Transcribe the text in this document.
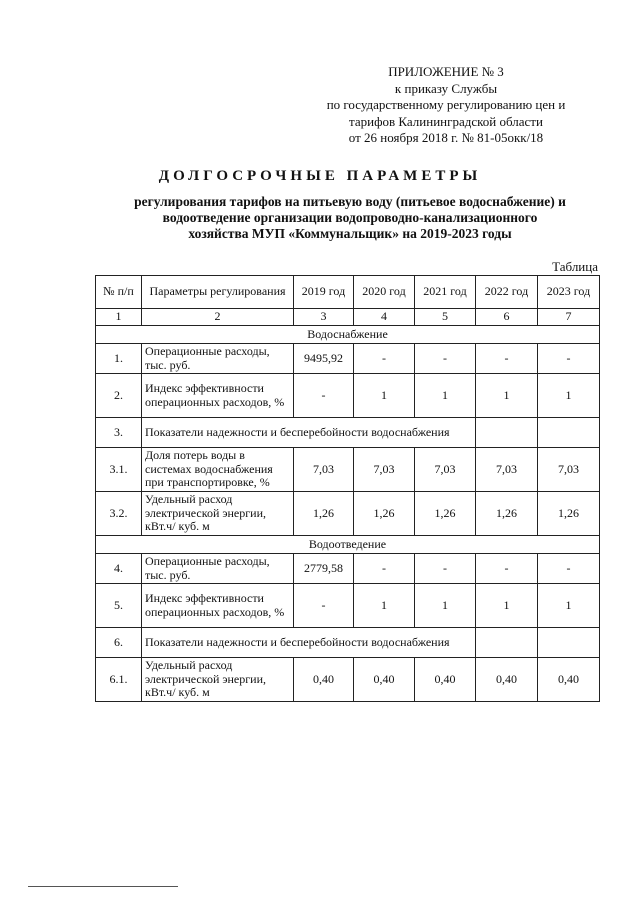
ПРИЛОЖЕНИЕ № 3
к приказу Службы
по государственному регулированию цен и
тарифов Калининградской области
от 26 ноября 2018 г. № 81-05окк/18
ДОЛГОСРОЧНЫЕ ПАРАМЕТРЫ
регулирования тарифов на питьевую воду (питьевое водоснабжение) и
водоотведение организации водопроводно-канализационного
хозяйства МУП «Коммунальщик» на 2019-2023 годы
Таблица
№ п/п	Параметры регулирования	2019 год	2020 год	2021 год	2022 год	2023 год
1	2	3	4	5	6	7
Водоснабжение						
1.	Операционные расходы, тыс. руб.	9495,92	-	-	-	-
2.	Индекс эффективности операционных расходов, %	-	1	1	1	1
3.	Показатели надежности и бесперебойности водоснабжения					
3.1.	Доля потерь воды в системах водоснабжения при транспортировке, %	7,03	7,03	7,03	7,03	7,03
3.2.	Удельный расход электрической энергии, кВт.ч/ куб. м	1,26	1,26	1,26	1,26	1,26
Водоотведение						
4.	Операционные расходы, тыс. руб.	2779,58	-	-	-	-
5.	Индекс эффективности операционных расходов, %	-	1	1	1	1
6.	Показатели надежности и бесперебойности водоснабжения					
6.1.	Удельный расход электрической энергии, кВт.ч/ куб. м	0,40	0,40	0,40	0,40	0,40
